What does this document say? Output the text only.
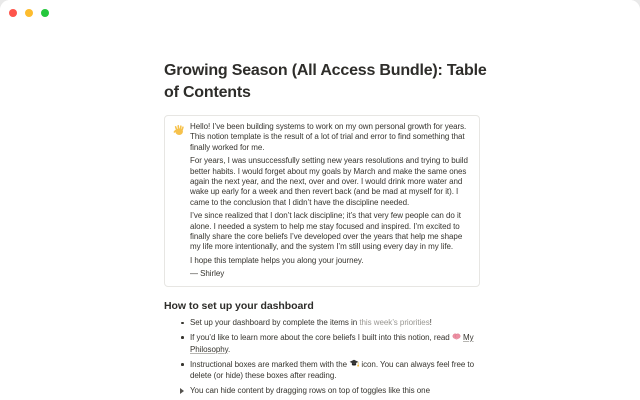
Growing Season (All Access Bundle): Table of Contents

Hello! I’ve been building systems to work on my own personal growth for years. This notion template is the result of a lot of trial and error to find something that finally worked for me.

For years, I was unsuccessfully setting new years resolutions and trying to build better habits. I would forget about my goals by March and make the same ones again the next year, and the next, over and over. I would drink more water and wake up early for a week and then revert back (and be mad at myself for it). I came to the conclusion that I didn’t have the discipline needed.

I’ve since realized that I don’t lack discipline; it’s that very few people can do it alone. I needed a system to help me stay focused and inspired. I’m excited to finally share the core beliefs I’ve developed over the years that help me shape my life more intentionally, and the system I’m still using every day in my life.

I hope this template helps you along your journey.

— Shirley

How to set up your dashboard
Set up your dashboard by complete the items in this week’s priorities!
If you’d like to learn more about the core beliefs I built into this notion, read  My Philosophy.
Instructional boxes are marked them with the  icon. You can always feel free to delete (or hide) these boxes after reading.
You can hide content by dragging rows on top of toggles like this one
